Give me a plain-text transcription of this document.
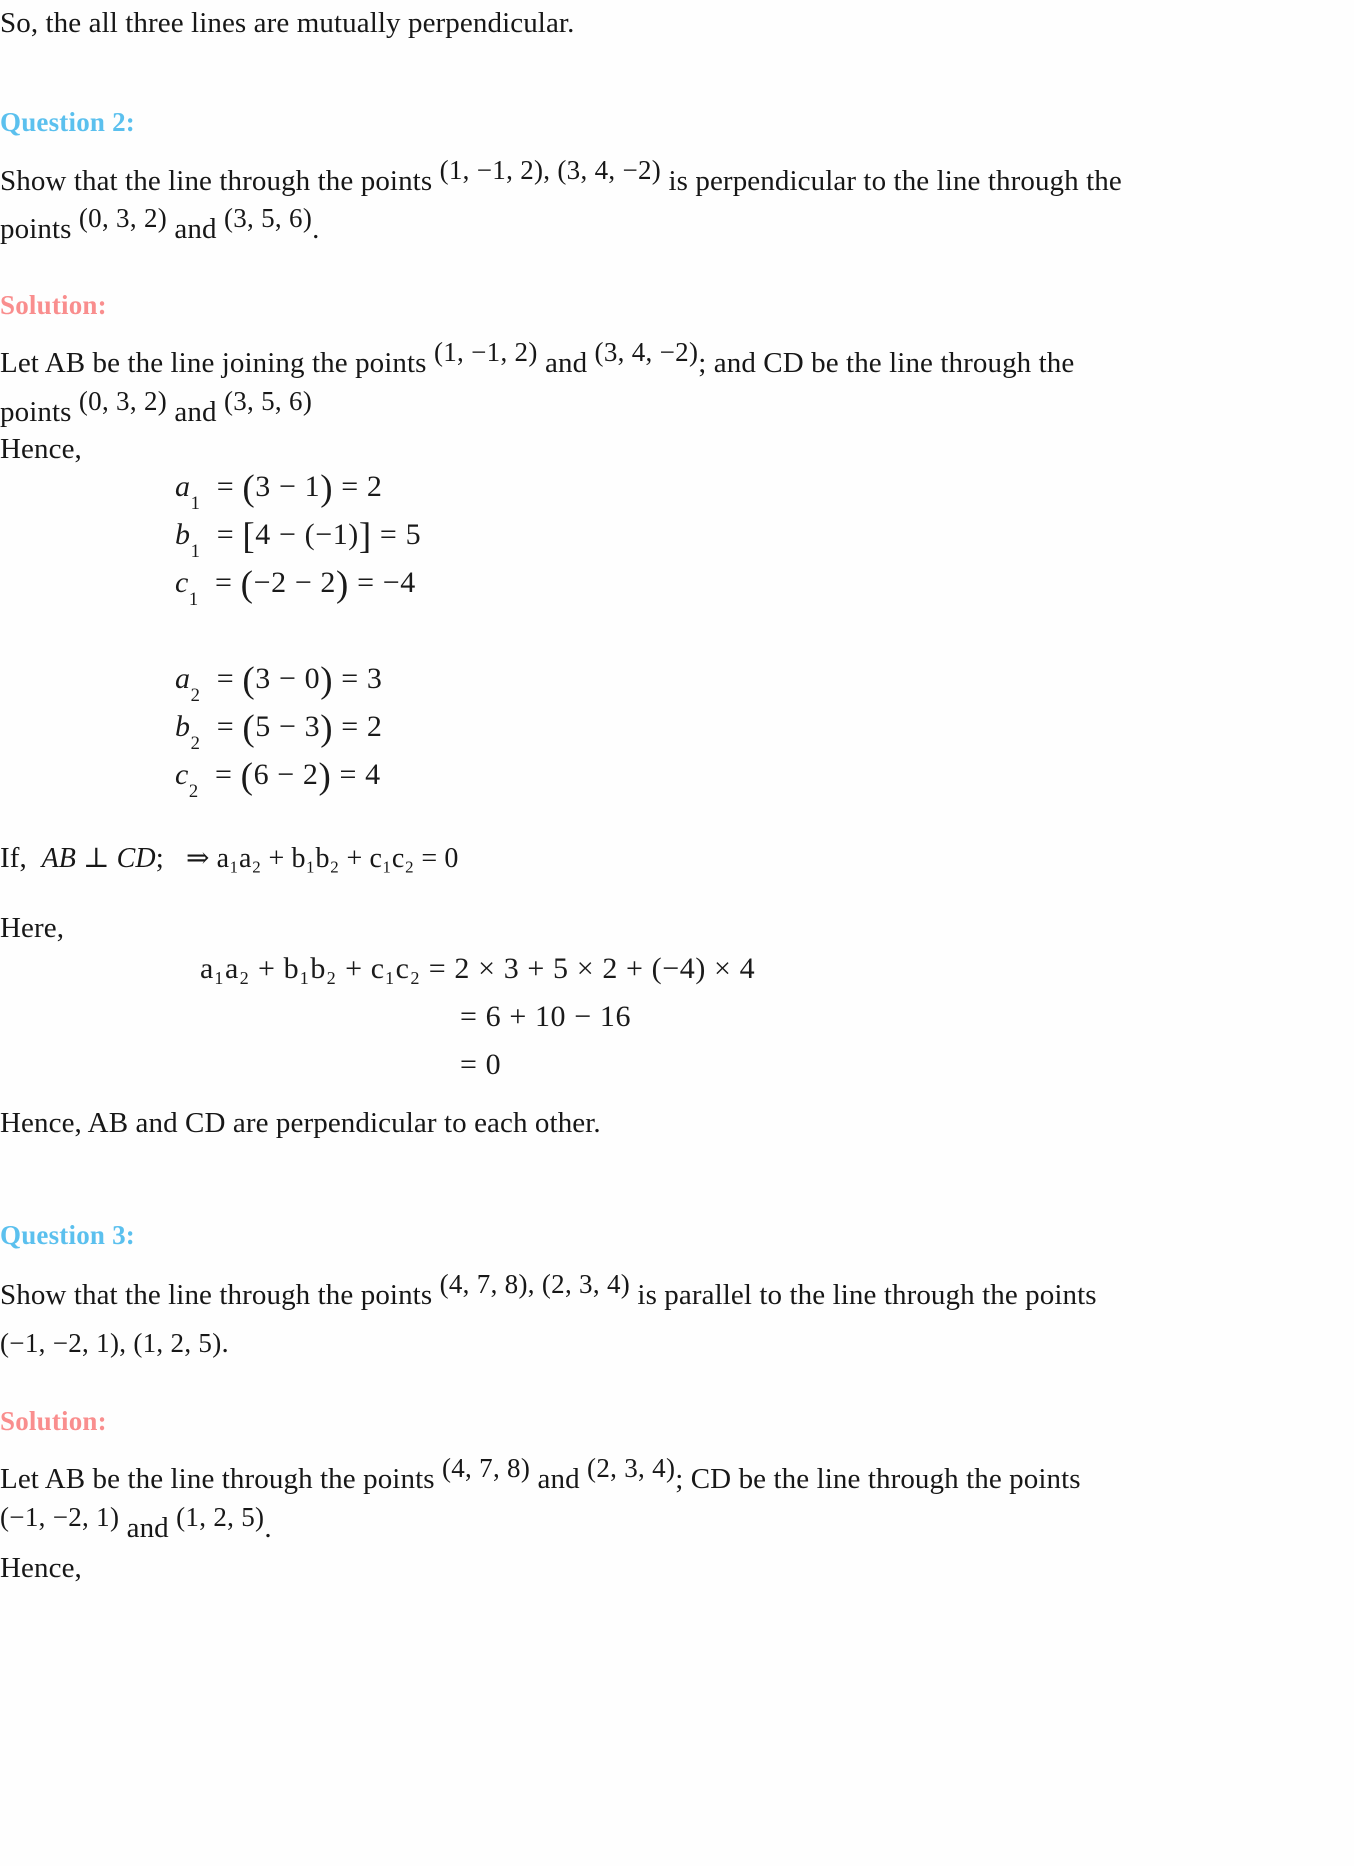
So, the all three lines are mutually perpendicular.
Question 2:
Show that the line through the points (1, −1, 2), (3, 4, −2) is perpendicular to the line through the
points (0, 3, 2) and (3, 5, 6).
Solution:
Let AB be the line joining the points (1, −1, 2) and (3, 4, −2); and CD be the line through the
points (0, 3, 2) and (3, 5, 6)
Hence,
$a_1 = (3 - 1) = 2$
$b_1 = [4 - (-1)] = 5$
$c_1 = (-2 - 2) = -4$
$a_2 = (3 - 0) = 3$
$b_2 = (5 - 3) = 2$
$c_2 = (6 - 2) = 4$
If, AB ⊥ CD; ⇒ a₁a₂ + b₁b₂ + c₁c₂ = 0
Here,
a₁a₂ + b₁b₂ + c₁c₂ = 2 × 3 + 5 × 2 + (−4) × 4
= 6 + 10 − 16
= 0
Hence, AB and CD are perpendicular to each other.
Question 3:
Show that the line through the points (4, 7, 8), (2, 3, 4) is parallel to the line through the points
(−1, −2, 1), (1, 2, 5).
Solution:
Let AB be the line through the points (4, 7, 8) and (2, 3, 4); CD be the line through the points
(−1, −2, 1) and (1, 2, 5).
Hence,
